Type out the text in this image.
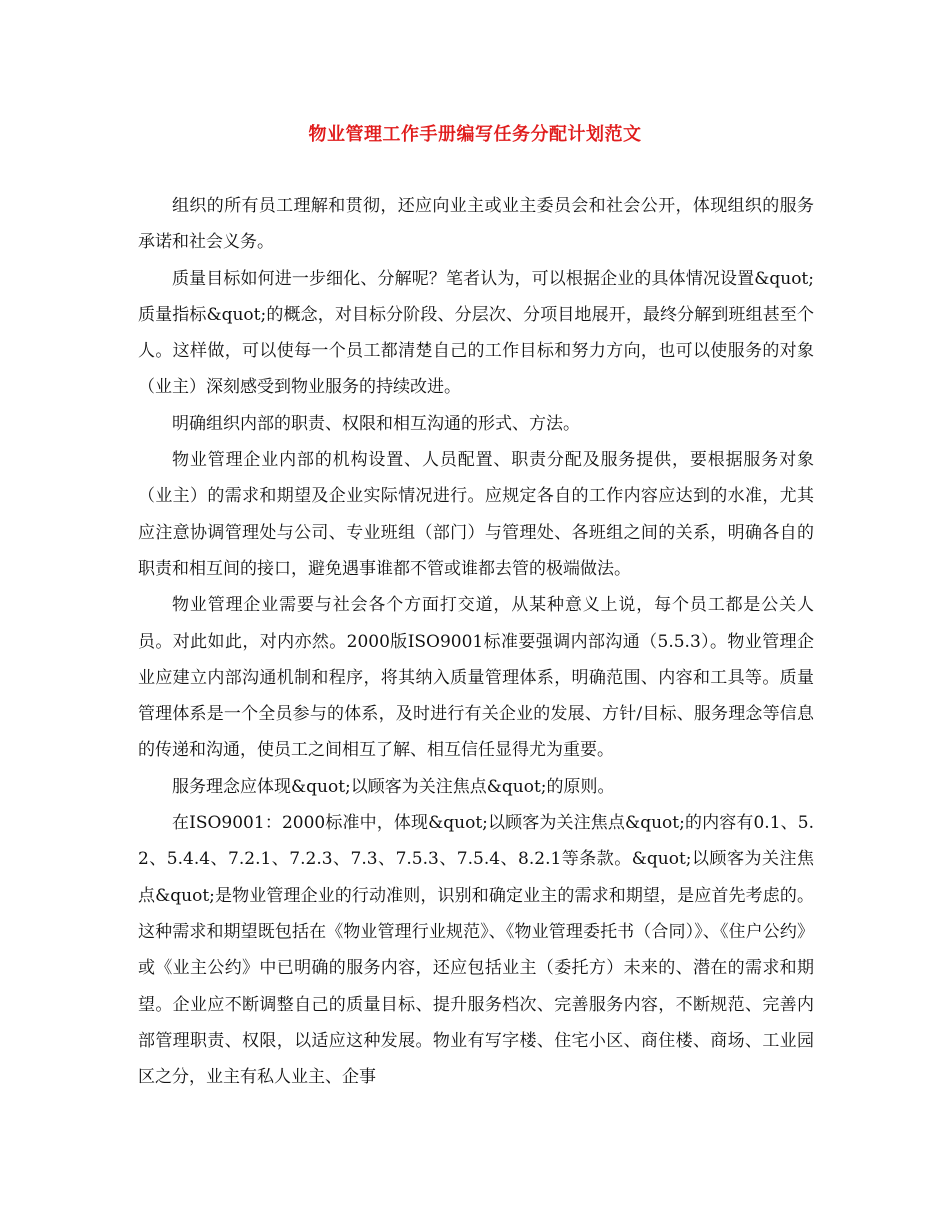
物业管理工作手册编写任务分配计划范文

组织的所有员工理解和贯彻，还应向业主或业主委员会和社会公开，体现组织的服务承诺和社会义务。

质量目标如何进一步细化、分解呢？笔者认为，可以根据企业的具体情况设置&quot;质量指标&quot;的概念，对目标分阶段、分层次、分项目地展开，最终分解到班组甚至个人。这样做，可以使每一个员工都清楚自己的工作目标和努力方向，也可以使服务的对象（业主）深刻感受到物业服务的持续改进。

明确组织内部的职责、权限和相互沟通的形式、方法。

物业管理企业内部的机构设置、人员配置、职责分配及服务提供，要根据服务对象（业主）的需求和期望及企业实际情况进行。应规定各自的工作内容应达到的水准，尤其应注意协调管理处与公司、专业班组（部门）与管理处、各班组之间的关系，明确各自的职责和相互间的接口，避免遇事谁都不管或谁都去管的极端做法。

物业管理企业需要与社会各个方面打交道，从某种意义上说，每个员工都是公关人员。对此如此，对内亦然。2000版ISO9001标准要强调内部沟通（5.5.3）。物业管理企业应建立内部沟通机制和程序，将其纳入质量管理体系，明确范围、内容和工具等。质量管理体系是一个全员参与的体系，及时进行有关企业的发展、方针/目标、服务理念等信息的传递和沟通，使员工之间相互了解、相互信任显得尤为重要。

服务理念应体现&quot;以顾客为关注焦点&quot;的原则。

在ISO9001：2000标准中，体现&quot;以顾客为关注焦点&quot;的内容有0.1、5.2、5.4.4、7.2.1、7.2.3、7.3、7.5.3、7.5.4、8.2.1等条款。&quot;以顾客为关注焦点&quot;是物业管理企业的行动准则，识别和确定业主的需求和期望，是应首先考虑的。这种需求和期望既包括在《物业管理行业规范》、《物业管理委托书（合同）》、《住户公约》或《业主公约》中已明确的服务内容，还应包括业主（委托方）未来的、潜在的需求和期望。企业应不断调整自己的质量目标、提升服务档次、完善服务内容，不断规范、完善内部管理职责、权限，以适应这种发展。物业有写字楼、住宅小区、商住楼、商场、工业园区之分，业主有私人业主、企事
